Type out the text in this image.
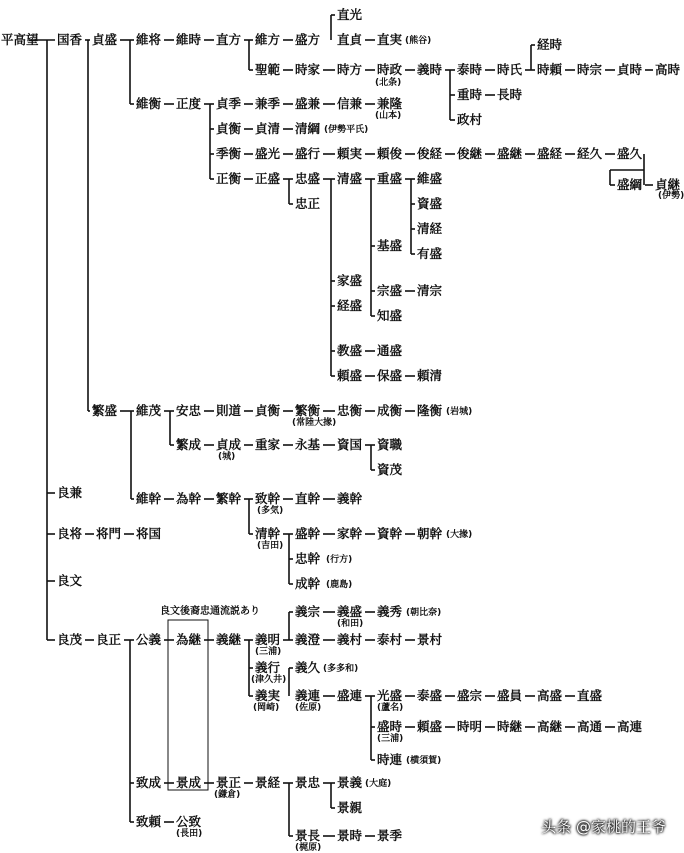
平高望 国香 貞盛 維将 維時 直方 維方 盛方
直光
直貞 直実
聖範 時家 時方 時政 義時 泰時 時氏
経時
時頼 時宗 貞時 高時
重時 長時
政村
維衡 正度 貞季 兼季 盛兼 信兼 兼隆
貞衡 貞清 清綱
季衡 盛光 盛行 頼実 頼俊 俊経 俊継 盛継 盛経 経久 盛久
盛綱 貞継
正衡 正盛 忠盛
忠正
清盛 重盛 維盛
資盛
清経
有盛
基盛
家盛
経盛
宗盛 清宗
知盛
教盛 通盛
頼盛 保盛 頼清
繁盛 維茂 安忠 則道 貞衡 繁衡 忠衡 成衡 隆衡
繁成 貞成 重家 永基 資国 資職
資茂
維幹 為幹 繁幹 致幹 直幹 義幹
清幹 盛幹 家幹 資幹 朝幹
忠幹
成幹
良兼
良将 将門 将国
良文
良茂 良正 公義 為継 義継 義明
義宗 義盛 義秀
義澄 義村 泰村 景村
義行 義久
義実 義連 盛連 光盛 泰盛 盛宗 盛員 高盛 直盛
盛時 頼盛 時明 時継 高継 高通 高連
時連
致成 景成 景正 景経 景忠 景義
景親
景長 景時 景季
致頼 公致
(北条)
(熊谷)
(山本)
(伊勢平氏)
(伊勢)
(岩城)
(常陸大掾)
(城)
(多気)
(吉田)
(大掾)
(行方)
(鹿島)
(和田)
(朝比奈)
(三浦)
(津久井)
(岡崎)
(多多和)
(佐原)	(蘆名)
(三浦)
(横須賀)
(鎌倉)
(大庭)
(梶原)
(長田)
良文後裔忠通流説あり
头条 @家桃的王爷
